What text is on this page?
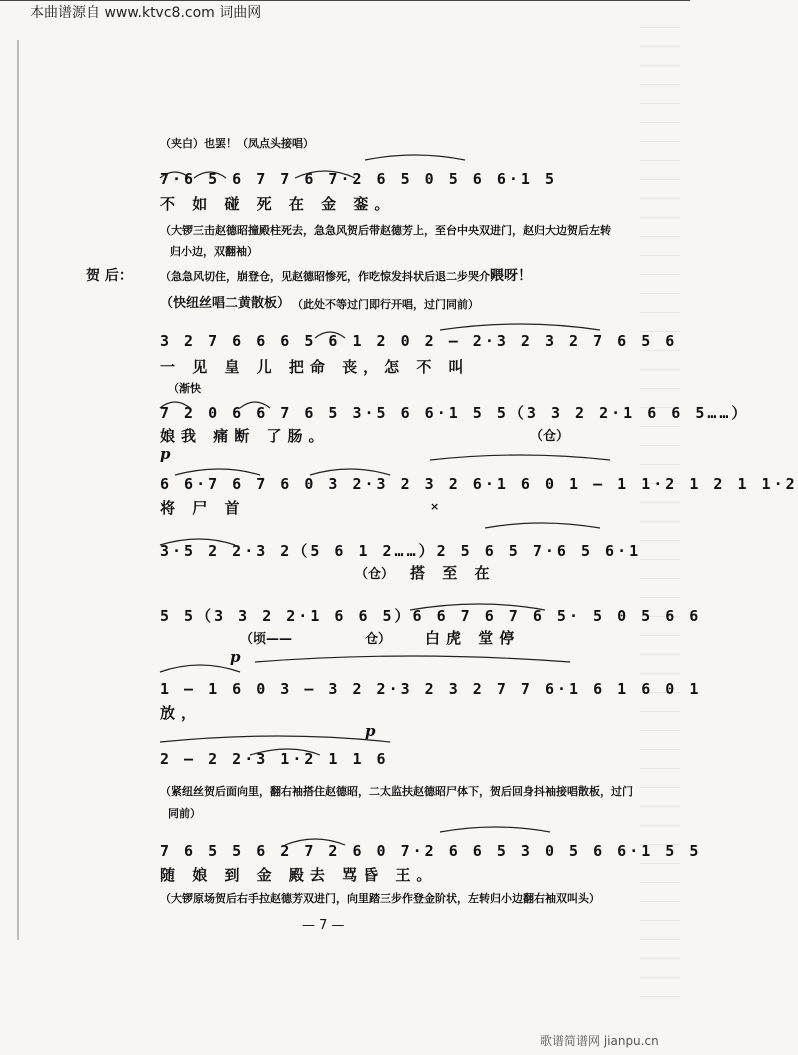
本曲谱源自 www.ktvc8.com 词曲网
（夹白）也罢！（凤点头接唱）
7·6 5 6 7 7 6 7·2 6 5 0 5 6 6·1 5
不 如 碰 死 在 金 銮。
（大锣三击赵德昭撞殿柱死去，急急风贺后带赵德芳上，至台中央双进门，赵归大边贺后左转
归小边，双翻袖）
贺 后： （急急风切住，崩登仓，见赵德昭惨死，作吃惊发抖状后退二步哭介）
喂呀！
（快纽丝唱二黄散板） （此处不等过门即行开唱，过门同前）
3 2 7 6 6 6 5 6 1 2 0 2 – 2·3 2 3 2 7 6 5 6
一 见 皇 儿 把命 丧，怎 不 叫
（渐快
7 2 0 6 6 7 6 5 3·5 6 6·1 5 5（3 3 2 2·1 6 6 5……）
娘我 痛断 了肠。	（仓）
p
6 6·7 6 7 6 0 3 2·3 2 3 2 6·1 6 0 1 – 1 1·2 1 2 1 1·2
将 尸 首	×
3·5 2 2·3 2（5 6 1 2……）2 5 6 5 7·6 5 6·1
（仓） 搭 至 在
5 5（3 3 2 2·1 6 6 5）6 6 7 6 7 6 5· 5 0 5 6 6
（顷——	仓） 白虎 堂停
p
1 – 1 6 0 3 – 3 2 2·3 2 3 2 7 7 6·1 6 1 6 0 1
放，
p
2 – 2 2·3 1·2 1 1 6
（紧纽丝贺后面向里，翻右袖搭住赵德昭，二太监扶赵德昭尸体下，贺后回身抖袖接唱散板，过门
同前）
7 6 5 5 6 2 7 2 6 0 7·2 6 6 5 3 0 5 6 6·1 5 5
随 娘 到 金 殿去 骂昏 王。
（大锣原场贺后右手拉赵德芳双进门，向里踏三步作登金阶状，左转归小边翻右袖双叫头）
— 7 —
歌谱简谱网 jianpu.cn
